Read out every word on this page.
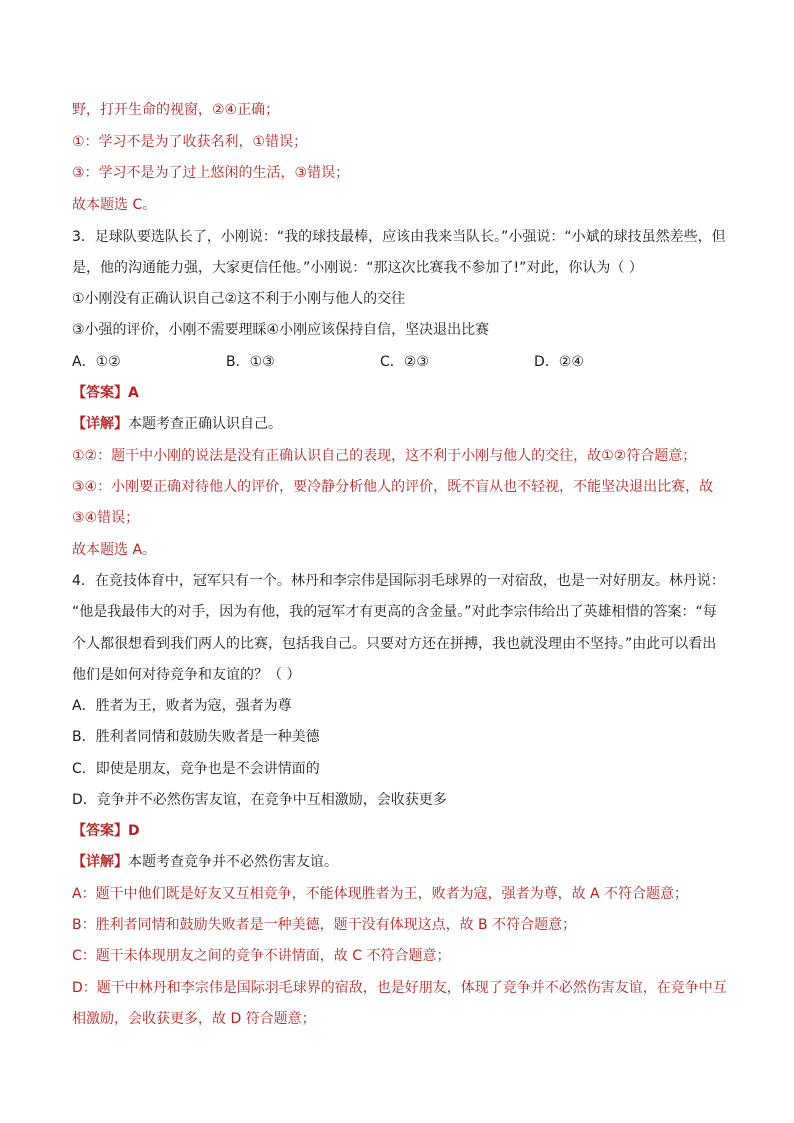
野，打开生命的视窗，②④正确；
①：学习不是为了收获名利，①错误；
③：学习不是为了过上悠闲的生活，③错误；
故本题选 C。
3．足球队要选队长了，小刚说：“我的球技最棒，应该由我来当队长。”小强说：“小斌的球技虽然差些，但
是，他的沟通能力强，大家更信任他。”小刚说：“那这次比赛我不参加了!”对此，你认为（ ）
①小刚没有正确认识自己②这不利于小刚与他人的交往
③小强的评价，小刚不需要理睬④小刚应该保持自信，坚决退出比赛
A．①②	B．①③	C．②③	D．②④
【答案】A
【详解】本题考查正确认识自己。
①②：题干中小刚的说法是没有正确认识自己的表现，这不利于小刚与他人的交往，故①②符合题意；
③④：小刚要正确对待他人的评价，要冷静分析他人的评价，既不盲从也不轻视，不能坚决退出比赛，故
③④错误；
故本题选 A。
4．在竞技体育中，冠军只有一个。林丹和李宗伟是国际羽毛球界的一对宿敌，也是一对好朋友。林丹说：
“他是我最伟大的对手，因为有他，我的冠军才有更高的含金量。”对此李宗伟给出了英雄相惜的答案：“每
个人都很想看到我们两人的比赛，包括我自己。只要对方还在拼搏，我也就没理由不坚持。”由此可以看出
他们是如何对待竞争和友谊的？（ ）
A．胜者为王，败者为寇，强者为尊
B．胜利者同情和鼓励失败者是一种美德
C．即使是朋友，竞争也是不会讲情面的
D．竞争并不必然伤害友谊，在竞争中互相激励，会收获更多
【答案】D
【详解】本题考查竞争并不必然伤害友谊。
A：题干中他们既是好友又互相竞争，不能体现胜者为王，败者为寇，强者为尊，故 A 不符合题意；
B：胜利者同情和鼓励失败者是一种美德，题干没有体现这点，故 B 不符合题意；
C：题干未体现朋友之间的竞争不讲情面，故 C 不符合题意；
D：题干中林丹和李宗伟是国际羽毛球界的宿敌，也是好朋友，体现了竞争并不必然伤害友谊，在竞争中互
相激励，会收获更多，故 D 符合题意；
